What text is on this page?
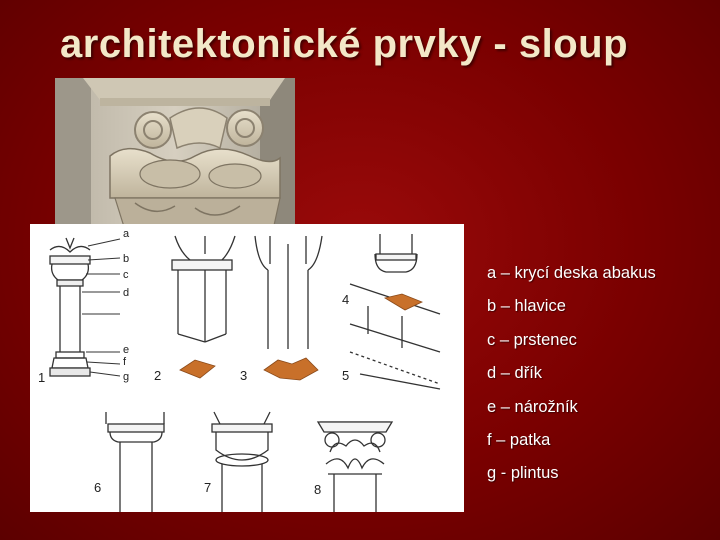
architektonické prvky - sloup
a
b
c
d
e
f
g
1	2	3
4
5
6	7	8
a – krycí deska abakus
b – hlavice
c – prstenec
d – dřík
e – nárožník
f – patka
g - plintus
